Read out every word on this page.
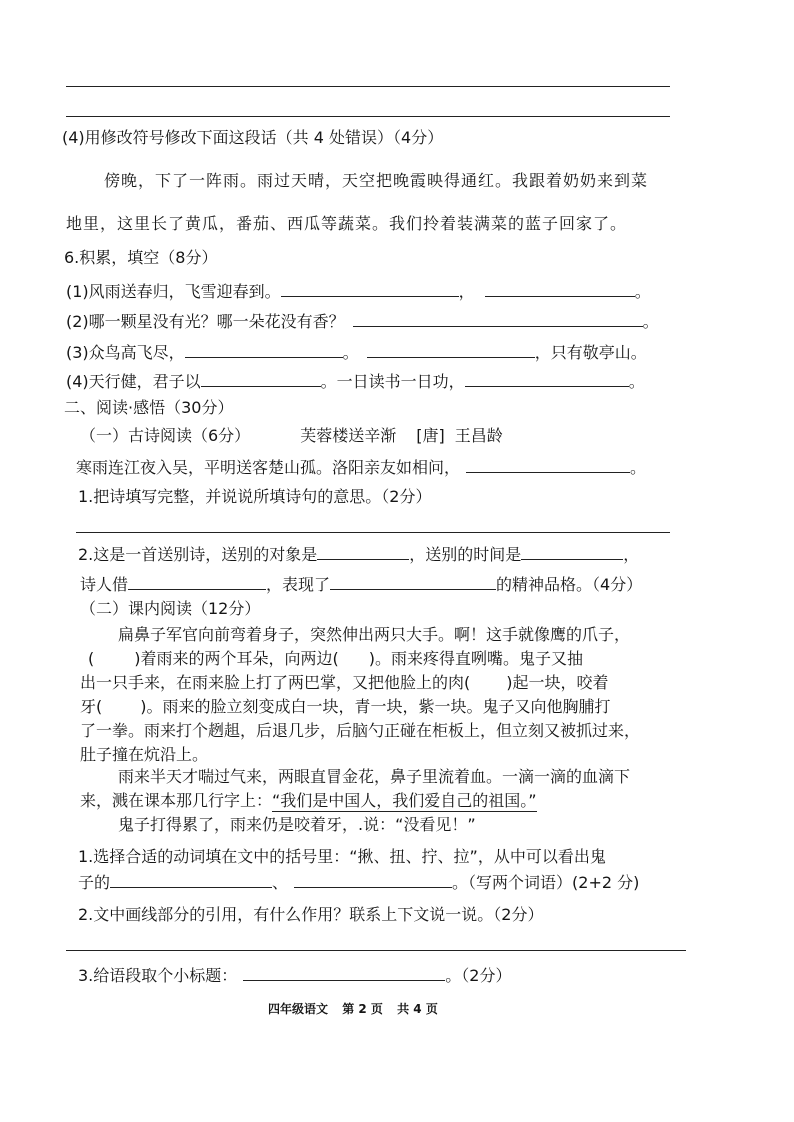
(4)用修改符号修改下面这段话（共 4 处错误）（4分）
傍晚，下了一阵雨。雨过天晴，天空把晚霞映得通红。我跟着奶奶来到菜
地里，这里长了黄瓜，番茄、西瓜等蔬菜。我们拎着装满菜的蓝子回家了。
6.积累，填空（8分）
(1)风雨送春归，飞雪迎春到。	，	。
(2)哪一颗星没有光？哪一朵花没有香？	。
(3)众鸟高飞尽，	。	，只有敬亭山。
(4)天行健，君子以	。一日读书一日功，	。
二、阅读·感悟（30分）
（一）古诗阅读（6分）	芙蓉楼送辛渐 [唐] 王昌龄
寒雨连江夜入吴，平明送客楚山孤。洛阳亲友如相问，	。
1.把诗填写完整，并说说所填诗句的意思。（2分）
2.这是一首送别诗，送别的对象是	，送别的时间是	，
诗人借	，表现了	的精神品格。（4分）
（二）课内阅读（12分）
扁鼻子军官向前弯着身子，突然伸出两只大手。啊！这手就像鹰的爪子，
(	)着雨来的两个耳朵，向两边( )。雨来疼得直咧嘴。鬼子又抽
出一只手来，在雨来脸上打了两巴掌，又把他脸上的肉( )起一块，咬着
牙( )。雨来的脸立刻变成白一块，青一块，紫一块。鬼子又向他胸脯打
了一拳。雨来打个趔趄，后退几步，后脑勺正碰在柜板上，但立刻又被抓过来，
肚子撞在炕沿上。
雨来半天才喘过气来，两眼直冒金花，鼻子里流着血。一滴一滴的血滴下
来，溅在课本那几行字上：“我们是中国人，我们爱自己的祖国。”
鬼子打得累了，雨来仍是咬着牙，.说：“没看见！”
1.选择合适的动词填在文中的括号里：“揪、扭、拧、拉”，从中可以看出鬼
子的	、	。（写两个词语）(2+2 分)
2.文中画线部分的引用，有什么作用？联系上下文说一说。（2分）
3.给语段取个小标题：	。（2分）
四年级语文 第 2 页 共 4 页
